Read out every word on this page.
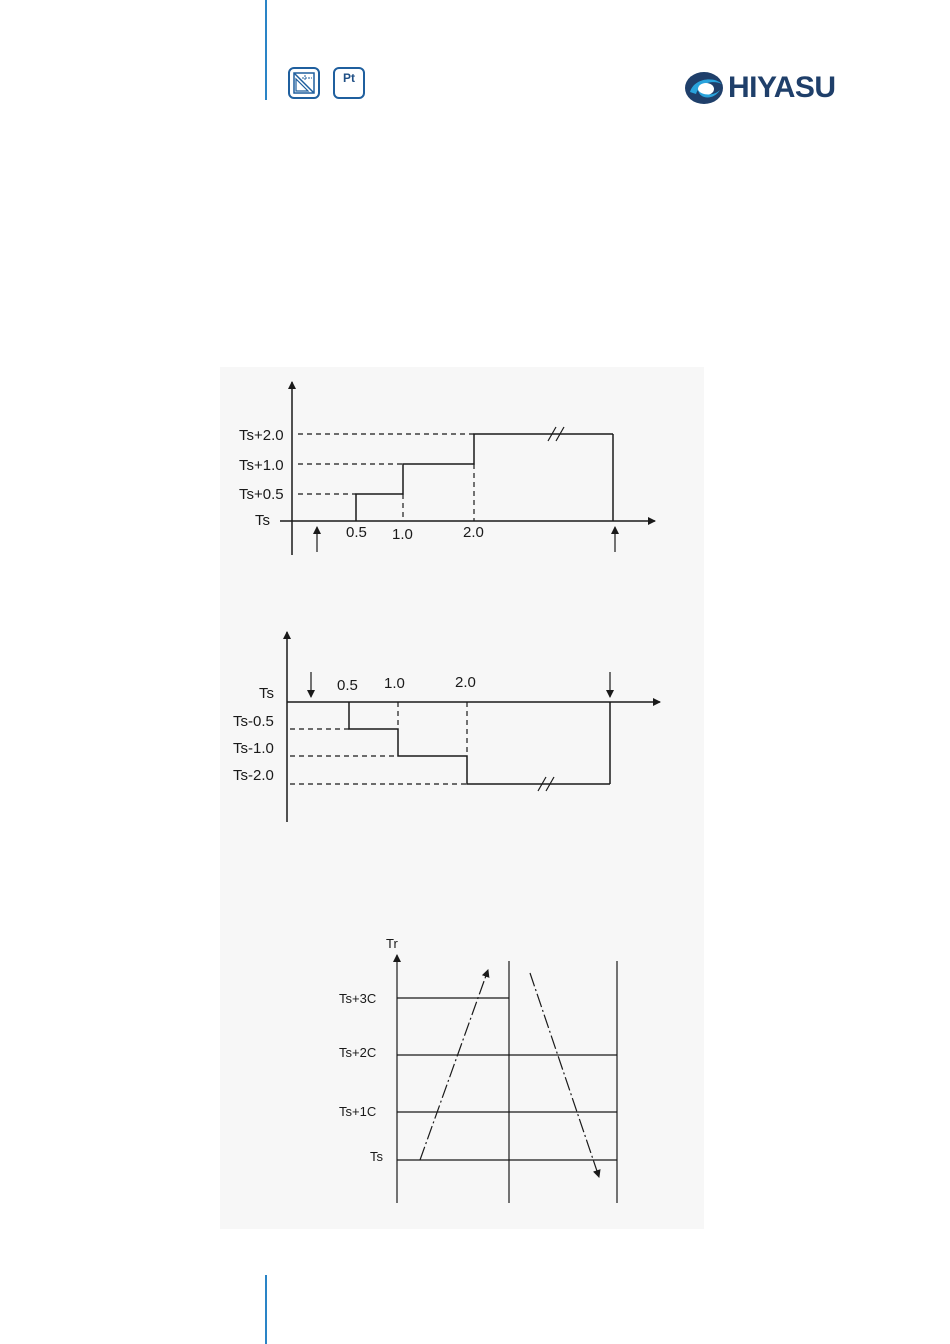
Pt	HIYASU
Ts+2.0
Ts+1.0
Ts+0.5
Ts
0.5 1.0	2.0
Ts
Ts-0.5
Ts-1.0
Ts-2.0
0.5 1.0	2.0
Tr
Ts+3C
Ts+2C
Ts+1C
Ts
